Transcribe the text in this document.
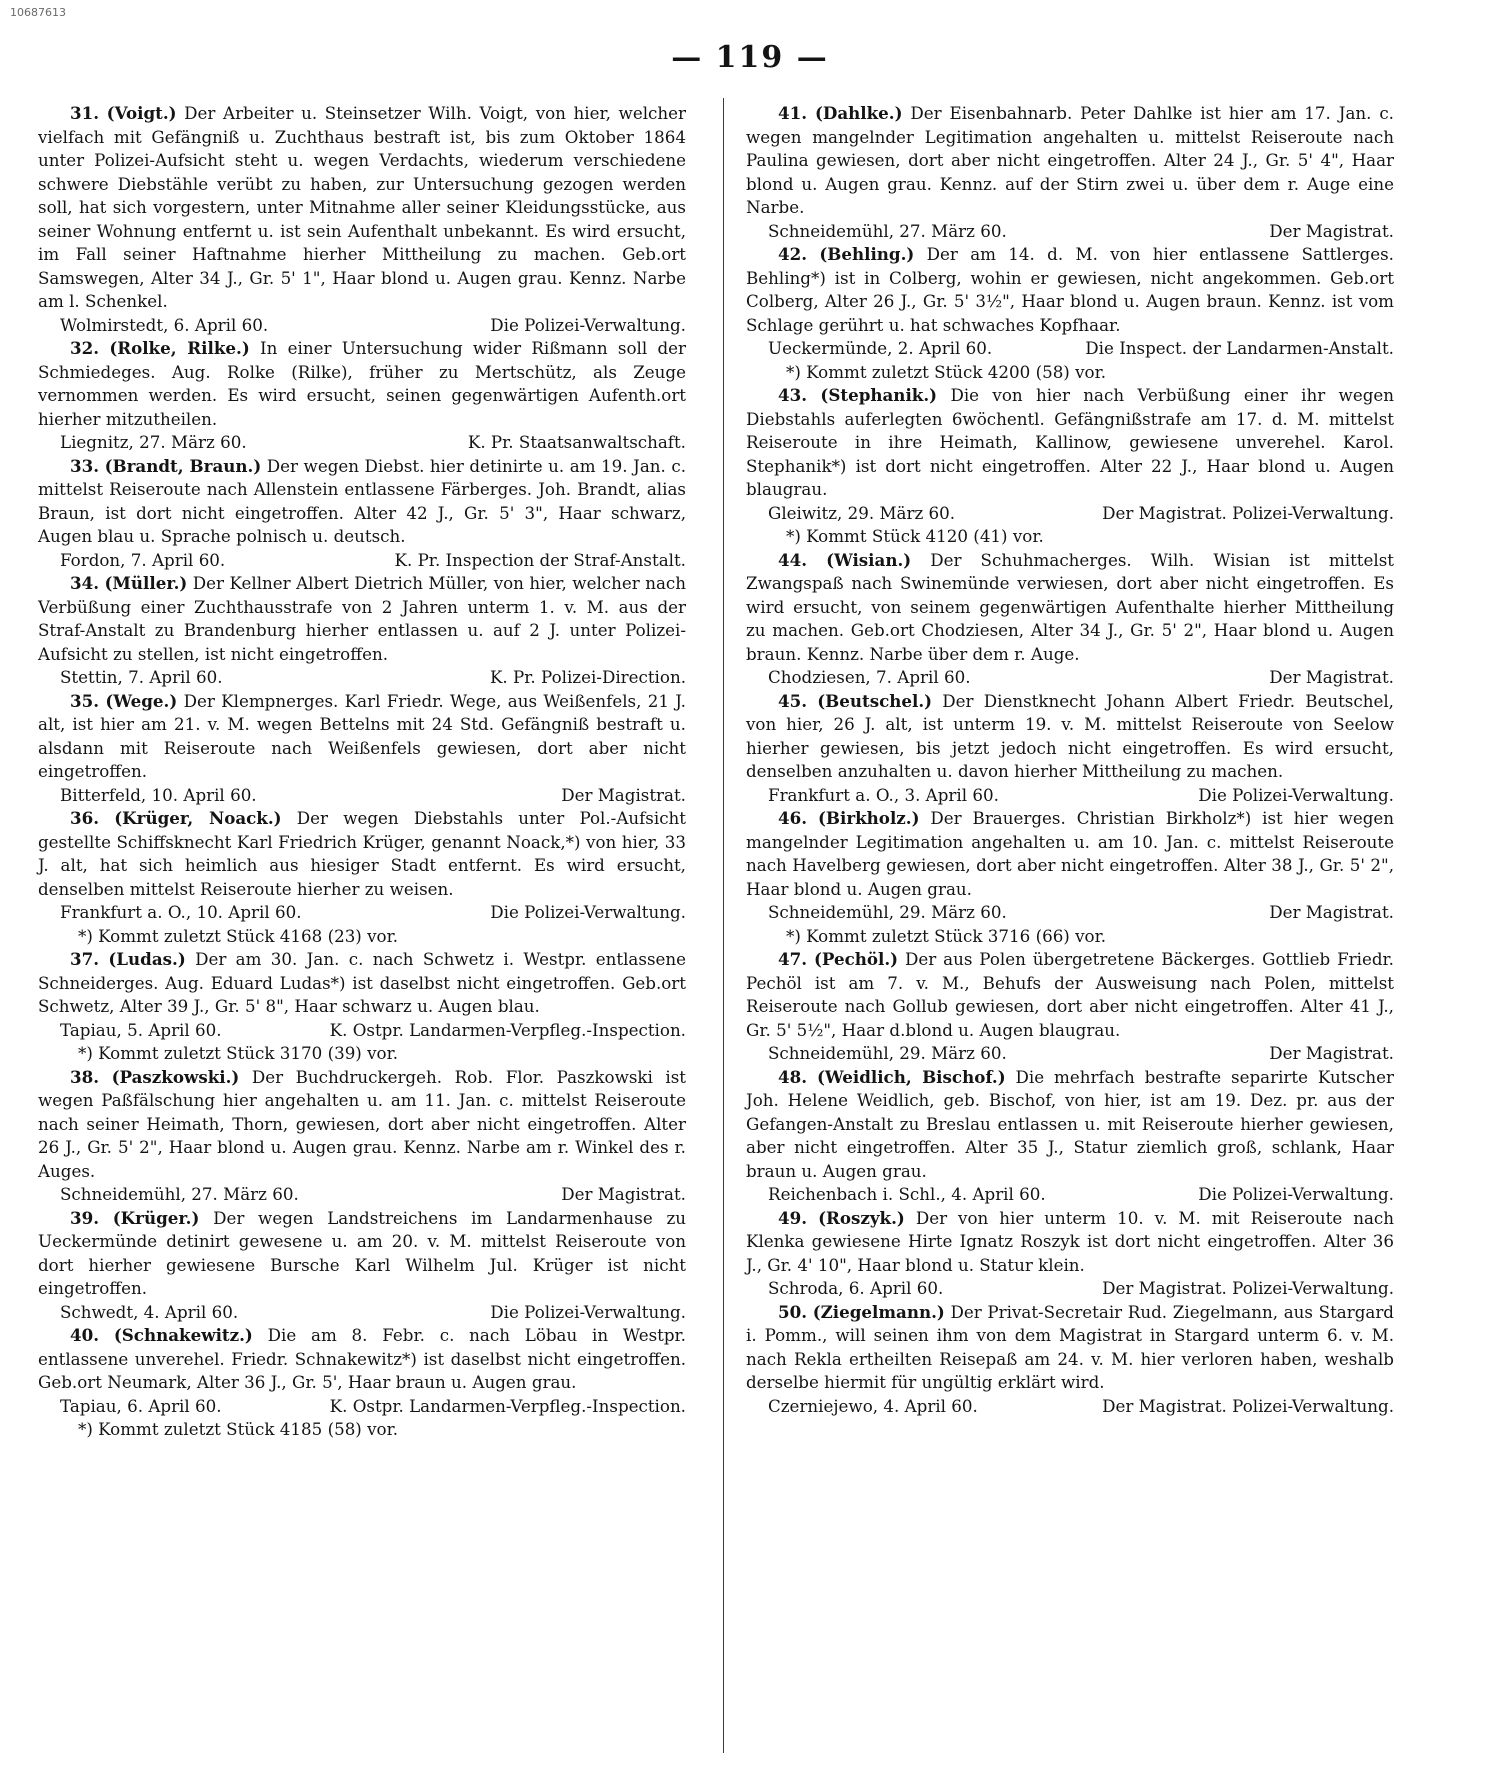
10687613
— 119 —

31. (Voigt.) Der Arbeiter u. Steinsetzer Wilh. Voigt, von hier, welcher vielfach mit Gefängniß u. Zuchthaus bestraft ist, bis zum Oktober 1864 unter Polizei-Aufsicht steht u. wegen Verdachts, wiederum verschiedene schwere Diebstähle verübt zu haben, zur Untersuchung gezogen werden soll, hat sich vorgestern, unter Mitnahme aller seiner Kleidungsstücke, aus seiner Wohnung entfernt u. ist sein Aufenthalt unbekannt. Es wird ersucht, im Fall seiner Haftnahme hierher Mittheilung zu machen. Geb.ort Samswegen, Alter 34 J., Gr. 5' 1", Haar blond u. Augen grau. Kennz. Narbe am l. Schenkel.

Wolmirstedt, 6. April 60.	Die Polizei-Verwaltung.

32. (Rolke, Rilke.) In einer Untersuchung wider Rißmann soll der Schmiedeges. Aug. Rolke (Rilke), früher zu Mertschütz, als Zeuge vernommen werden. Es wird ersucht, seinen gegenwärtigen Aufenth.ort hierher mitzutheilen.

Liegnitz, 27. März 60.	K. Pr. Staatsanwaltschaft.

33. (Brandt, Braun.) Der wegen Diebst. hier detinirte u. am 19. Jan. c. mittelst Reiseroute nach Allenstein entlassene Färberges. Joh. Brandt, alias Braun, ist dort nicht eingetroffen. Alter 42 J., Gr. 5' 3", Haar schwarz, Augen blau u. Sprache polnisch u. deutsch.

Fordon, 7. April 60.	K. Pr. Inspection der Straf-Anstalt.

34. (Müller.) Der Kellner Albert Dietrich Müller, von hier, welcher nach Verbüßung einer Zuchthausstrafe von 2 Jahren unterm 1. v. M. aus der Straf-Anstalt zu Brandenburg hierher entlassen u. auf 2 J. unter Polizei-Aufsicht zu stellen, ist nicht eingetroffen.

Stettin, 7. April 60.	K. Pr. Polizei-Direction.

35. (Wege.) Der Klempnerges. Karl Friedr. Wege, aus Weißenfels, 21 J. alt, ist hier am 21. v. M. wegen Bettelns mit 24 Std. Gefängniß bestraft u. alsdann mit Reiseroute nach Weißenfels gewiesen, dort aber nicht eingetroffen.

Bitterfeld, 10. April 60.	Der Magistrat.

36. (Krüger, Noack.) Der wegen Diebstahls unter Pol.-Aufsicht gestellte Schiffsknecht Karl Friedrich Krüger, genannt Noack,*) von hier, 33 J. alt, hat sich heimlich aus hiesiger Stadt entfernt. Es wird ersucht, denselben mittelst Reiseroute hierher zu weisen.

Frankfurt a. O., 10. April 60.	Die Polizei-Verwaltung.
*) Kommt zuletzt Stück 4168 (23) vor.

37. (Ludas.) Der am 30. Jan. c. nach Schwetz i. Westpr. entlassene Schneiderges. Aug. Eduard Ludas*) ist daselbst nicht eingetroffen. Geb.ort Schwetz, Alter 39 J., Gr. 5' 8", Haar schwarz u. Augen blau.

Tapiau, 5. April 60.	K. Ostpr. Landarmen-Verpfleg.-Inspection.
*) Kommt zuletzt Stück 3170 (39) vor.

38. (Paszkowski.) Der Buchdruckergeh. Rob. Flor. Paszkowski ist wegen Paßfälschung hier angehalten u. am 11. Jan. c. mittelst Reiseroute nach seiner Heimath, Thorn, gewiesen, dort aber nicht eingetroffen. Alter 26 J., Gr. 5' 2", Haar blond u. Augen grau. Kennz. Narbe am r. Winkel des r. Auges.

Schneidemühl, 27. März 60.	Der Magistrat.

39. (Krüger.) Der wegen Landstreichens im Landarmenhause zu Ueckermünde detinirt gewesene u. am 20. v. M. mittelst Reiseroute von dort hierher gewiesene Bursche Karl Wilhelm Jul. Krüger ist nicht eingetroffen.

Schwedt, 4. April 60.	Die Polizei-Verwaltung.

40. (Schnakewitz.) Die am 8. Febr. c. nach Löbau in Westpr. entlassene unverehel. Friedr. Schnakewitz*) ist daselbst nicht eingetroffen. Geb.ort Neumark, Alter 36 J., Gr. 5', Haar braun u. Augen grau.

Tapiau, 6. April 60.	K. Ostpr. Landarmen-Verpfleg.-Inspection.
*) Kommt zuletzt Stück 4185 (58) vor.

41. (Dahlke.) Der Eisenbahnarb. Peter Dahlke ist hier am 17. Jan. c. wegen mangelnder Legitimation angehalten u. mittelst Reiseroute nach Paulina gewiesen, dort aber nicht eingetroffen. Alter 24 J., Gr. 5' 4", Haar blond u. Augen grau. Kennz. auf der Stirn zwei u. über dem r. Auge eine Narbe.

Schneidemühl, 27. März 60.	Der Magistrat.

42. (Behling.) Der am 14. d. M. von hier entlassene Sattlerges. Behling*) ist in Colberg, wohin er gewiesen, nicht angekommen. Geb.ort Colberg, Alter 26 J., Gr. 5' 3½", Haar blond u. Augen braun. Kennz. ist vom Schlage gerührt u. hat schwaches Kopfhaar.

Ueckermünde, 2. April 60.	Die Inspect. der Landarmen-Anstalt.
*) Kommt zuletzt Stück 4200 (58) vor.

43. (Stephanik.) Die von hier nach Verbüßung einer ihr wegen Diebstahls auferlegten 6wöchentl. Gefängnißstrafe am 17. d. M. mittelst Reiseroute in ihre Heimath, Kallinow, gewiesene unverehel. Karol. Stephanik*) ist dort nicht eingetroffen. Alter 22 J., Haar blond u. Augen blaugrau.

Gleiwitz, 29. März 60.	Der Magistrat. Polizei-Verwaltung.
*) Kommt Stück 4120 (41) vor.

44. (Wisian.) Der Schuhmacherges. Wilh. Wisian ist mittelst Zwangspaß nach Swinemünde verwiesen, dort aber nicht eingetroffen. Es wird ersucht, von seinem gegenwärtigen Aufenthalte hierher Mittheilung zu machen. Geb.ort Chodziesen, Alter 34 J., Gr. 5' 2", Haar blond u. Augen braun. Kennz. Narbe über dem r. Auge.

Chodziesen, 7. April 60.	Der Magistrat.

45. (Beutschel.) Der Dienstknecht Johann Albert Friedr. Beutschel, von hier, 26 J. alt, ist unterm 19. v. M. mittelst Reiseroute von Seelow hierher gewiesen, bis jetzt jedoch nicht eingetroffen. Es wird ersucht, denselben anzuhalten u. davon hierher Mittheilung zu machen.

Frankfurt a. O., 3. April 60.	Die Polizei-Verwaltung.

46. (Birkholz.) Der Brauerges. Christian Birkholz*) ist hier wegen mangelnder Legitimation angehalten u. am 10. Jan. c. mittelst Reiseroute nach Havelberg gewiesen, dort aber nicht eingetroffen. Alter 38 J., Gr. 5' 2", Haar blond u. Augen grau.

Schneidemühl, 29. März 60.	Der Magistrat.
*) Kommt zuletzt Stück 3716 (66) vor.

47. (Pechöl.) Der aus Polen übergetretene Bäckerges. Gottlieb Friedr. Pechöl ist am 7. v. M., Behufs der Ausweisung nach Polen, mittelst Reiseroute nach Gollub gewiesen, dort aber nicht eingetroffen. Alter 41 J., Gr. 5' 5½", Haar d.blond u. Augen blaugrau.

Schneidemühl, 29. März 60.	Der Magistrat.

48. (Weidlich, Bischof.) Die mehrfach bestrafte separirte Kutscher Joh. Helene Weidlich, geb. Bischof, von hier, ist am 19. Dez. pr. aus der Gefangen-Anstalt zu Breslau entlassen u. mit Reiseroute hierher gewiesen, aber nicht eingetroffen. Alter 35 J., Statur ziemlich groß, schlank, Haar braun u. Augen grau.

Reichenbach i. Schl., 4. April 60.	Die Polizei-Verwaltung.

49. (Roszyk.) Der von hier unterm 10. v. M. mit Reiseroute nach Klenka gewiesene Hirte Ignatz Roszyk ist dort nicht eingetroffen. Alter 36 J., Gr. 4' 10", Haar blond u. Statur klein.

Schroda, 6. April 60.	Der Magistrat. Polizei-Verwaltung.

50. (Ziegelmann.) Der Privat-Secretair Rud. Ziegelmann, aus Stargard i. Pomm., will seinen ihm von dem Magistrat in Stargard unterm 6. v. M. nach Rekla ertheilten Reisepaß am 24. v. M. hier verloren haben, weshalb derselbe hiermit für ungültig erklärt wird.

Czerniejewo, 4. April 60.	Der Magistrat. Polizei-Verwaltung.
